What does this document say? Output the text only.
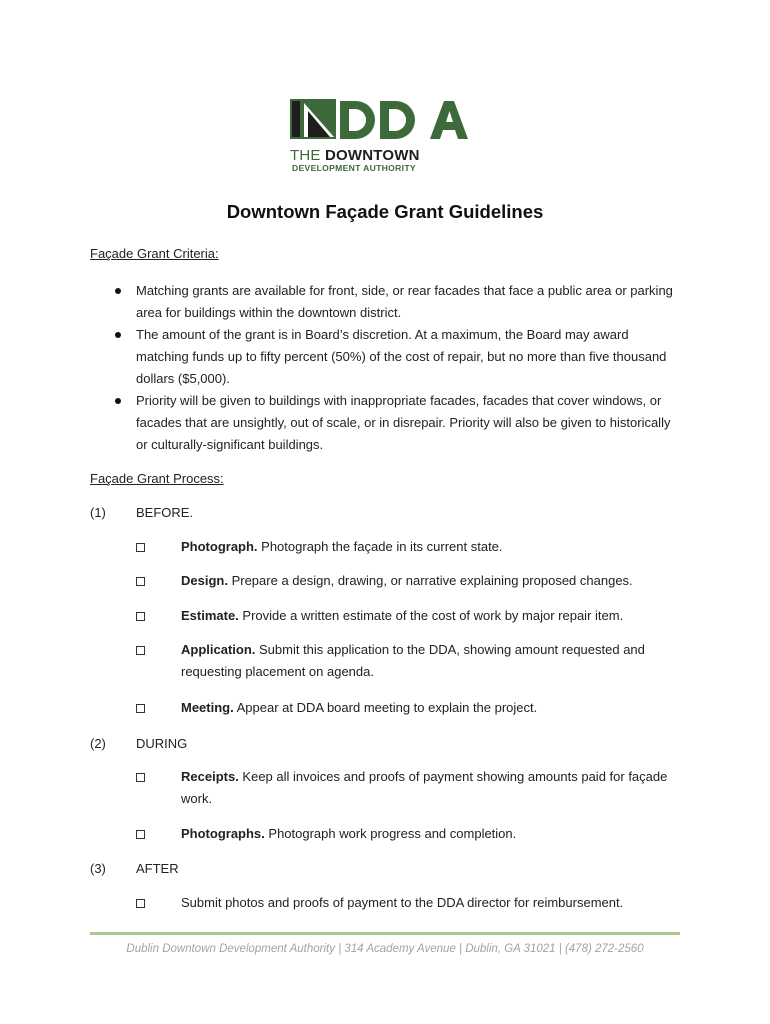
THE DOWNTOWN
DEVELOPMENT AUTHORITY
Downtown Façade Grant Guidelines
Façade Grant Criteria:
Matching grants are available for front, side, or rear facades that face a public area or parking area for buildings within the downtown district.
The amount of the grant is in Board’s discretion. At a maximum, the Board may award matching funds up to fifty percent (50%) of the cost of repair, but no more than five thousand dollars ($5,000).
Priority will be given to buildings with inappropriate facades, facades that cover windows, or facades that are unsightly, out of scale, or in disrepair. Priority will also be given to historically or culturally-significant buildings.
Façade Grant Process:
(1) BEFORE.
Photograph. Photograph the façade in its current state.
Design. Prepare a design, drawing, or narrative explaining proposed changes.
Estimate. Provide a written estimate of the cost of work by major repair item.
Application. Submit this application to the DDA, showing amount requested and requesting placement on agenda.
Meeting. Appear at DDA board meeting to explain the project.
(2) DURING
Receipts. Keep all invoices and proofs of payment showing amounts paid for façade work.
Photographs. Photograph work progress and completion.
(3) AFTER
Submit photos and proofs of payment to the DDA director for reimbursement.
Dublin Downtown Development Authority | 314 Academy Avenue | Dublin, GA 31021 | (478) 272-2560
